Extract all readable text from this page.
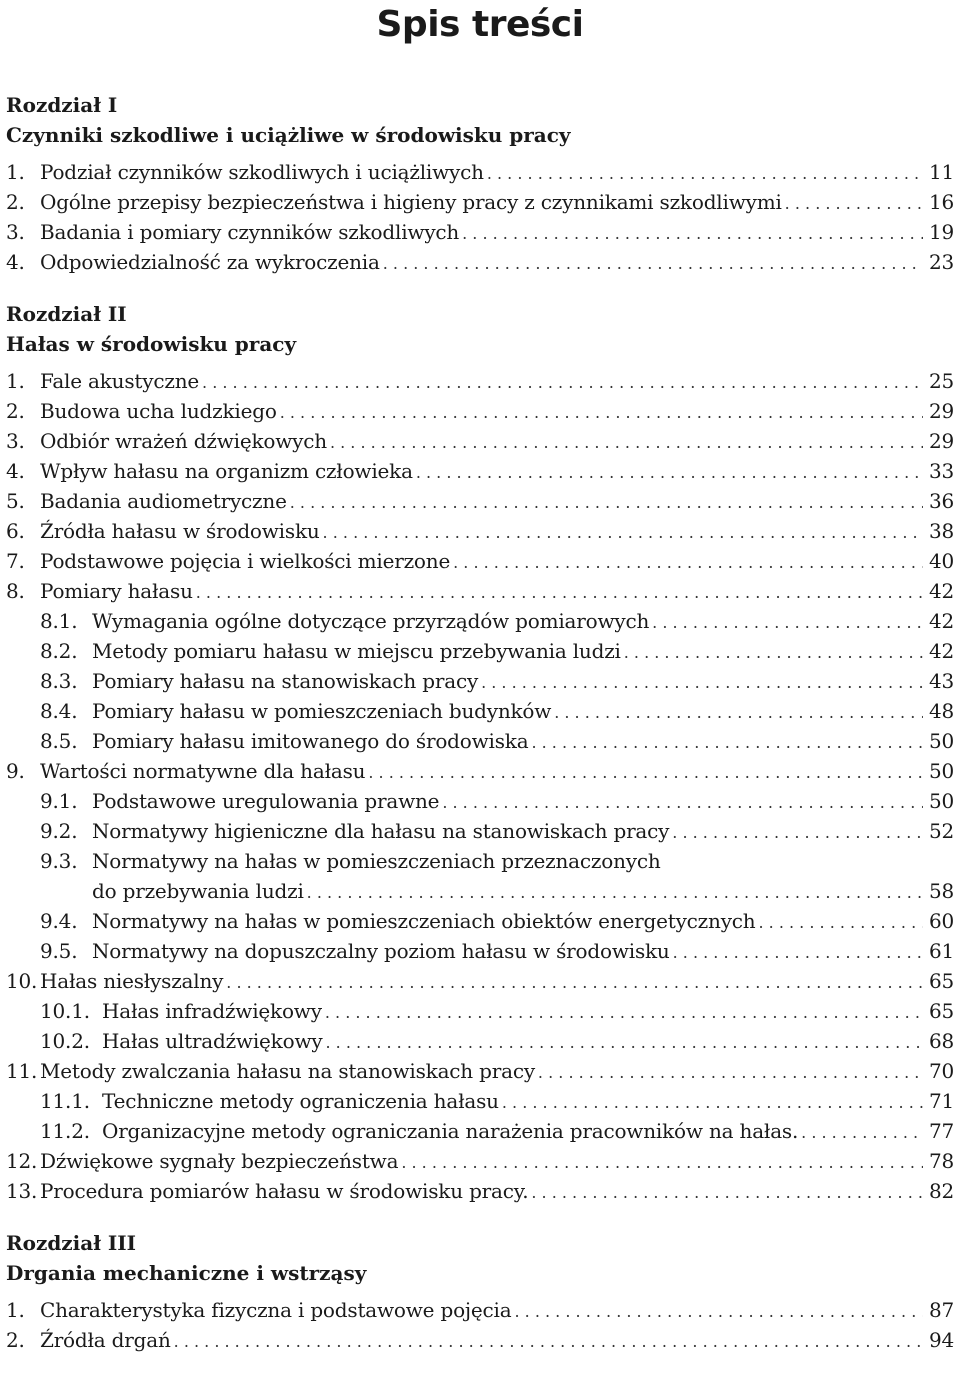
Spis treści
Rozdział I
Czynniki szkodliwe i uciążliwe w środowisku pracy
1. Podział czynników szkodliwych i uciążliwych . . .	11
2. Ogólne przepisy bezpieczeństwa i higieny pracy z czynnikami szkodliwymi . . .	16
3. Badania i pomiary czynników szkodliwych . . .	19
4. Odpowiedzialność za wykroczenia . . .	23
Rozdział II
Hałas w środowisku pracy
1. Fale akustyczne . . .	25
2. Budowa ucha ludzkiego . . .	29
3. Odbiór wrażeń dźwiękowych . . .	29
4. Wpływ hałasu na organizm człowieka . . .	33
5. Badania audiometryczne . . .	36
6. Źródła hałasu w środowisku . . .	38
7. Podstawowe pojęcia i wielkości mierzone . . .	40
8. Pomiary hałasu . . .	42
8.1. Wymagania ogólne dotyczące przyrządów pomiarowych . . .	42
8.2. Metody pomiaru hałasu w miejscu przebywania ludzi . . .	42
8.3. Pomiary hałasu na stanowiskach pracy . . .	43
8.4. Pomiary hałasu w pomieszczeniach budynków . . .	48
8.5. Pomiary hałasu imitowanego do środowiska . . .	50
9. Wartości normatywne dla hałasu . . .	50
9.1. Podstawowe uregulowania prawne . . .	50
9.2. Normatywy higieniczne dla hałasu na stanowiskach pracy . . .	52
9.3. Normatywy na hałas w pomieszczeniach przeznaczonych
do przebywania ludzi . . .	58
9.4. Normatywy na hałas w pomieszczeniach obiektów energetycznych . . .	60
9.5. Normatywy na dopuszczalny poziom hałasu w środowisku . . .	61
10. Hałas niesłyszalny . . .	65
10.1. Hałas infradźwiękowy . . .	65
10.2. Hałas ultradźwiękowy . . .	68
11. Metody zwalczania hałasu na stanowiskach pracy . . .	70
11.1. Techniczne metody ograniczenia hałasu . . .	71
11.2. Organizacyjne metody ograniczania narażenia pracowników na hałas. . . .	77
12. Dźwiękowe sygnały bezpieczeństwa . . .	78
13. Procedura pomiarów hałasu w środowisku pracy. . . .	82
Rozdział III
Drgania mechaniczne i wstrząsy
1. Charakterystyka fizyczna i podstawowe pojęcia . . .	87
2. Źródła drgań . . .	94
